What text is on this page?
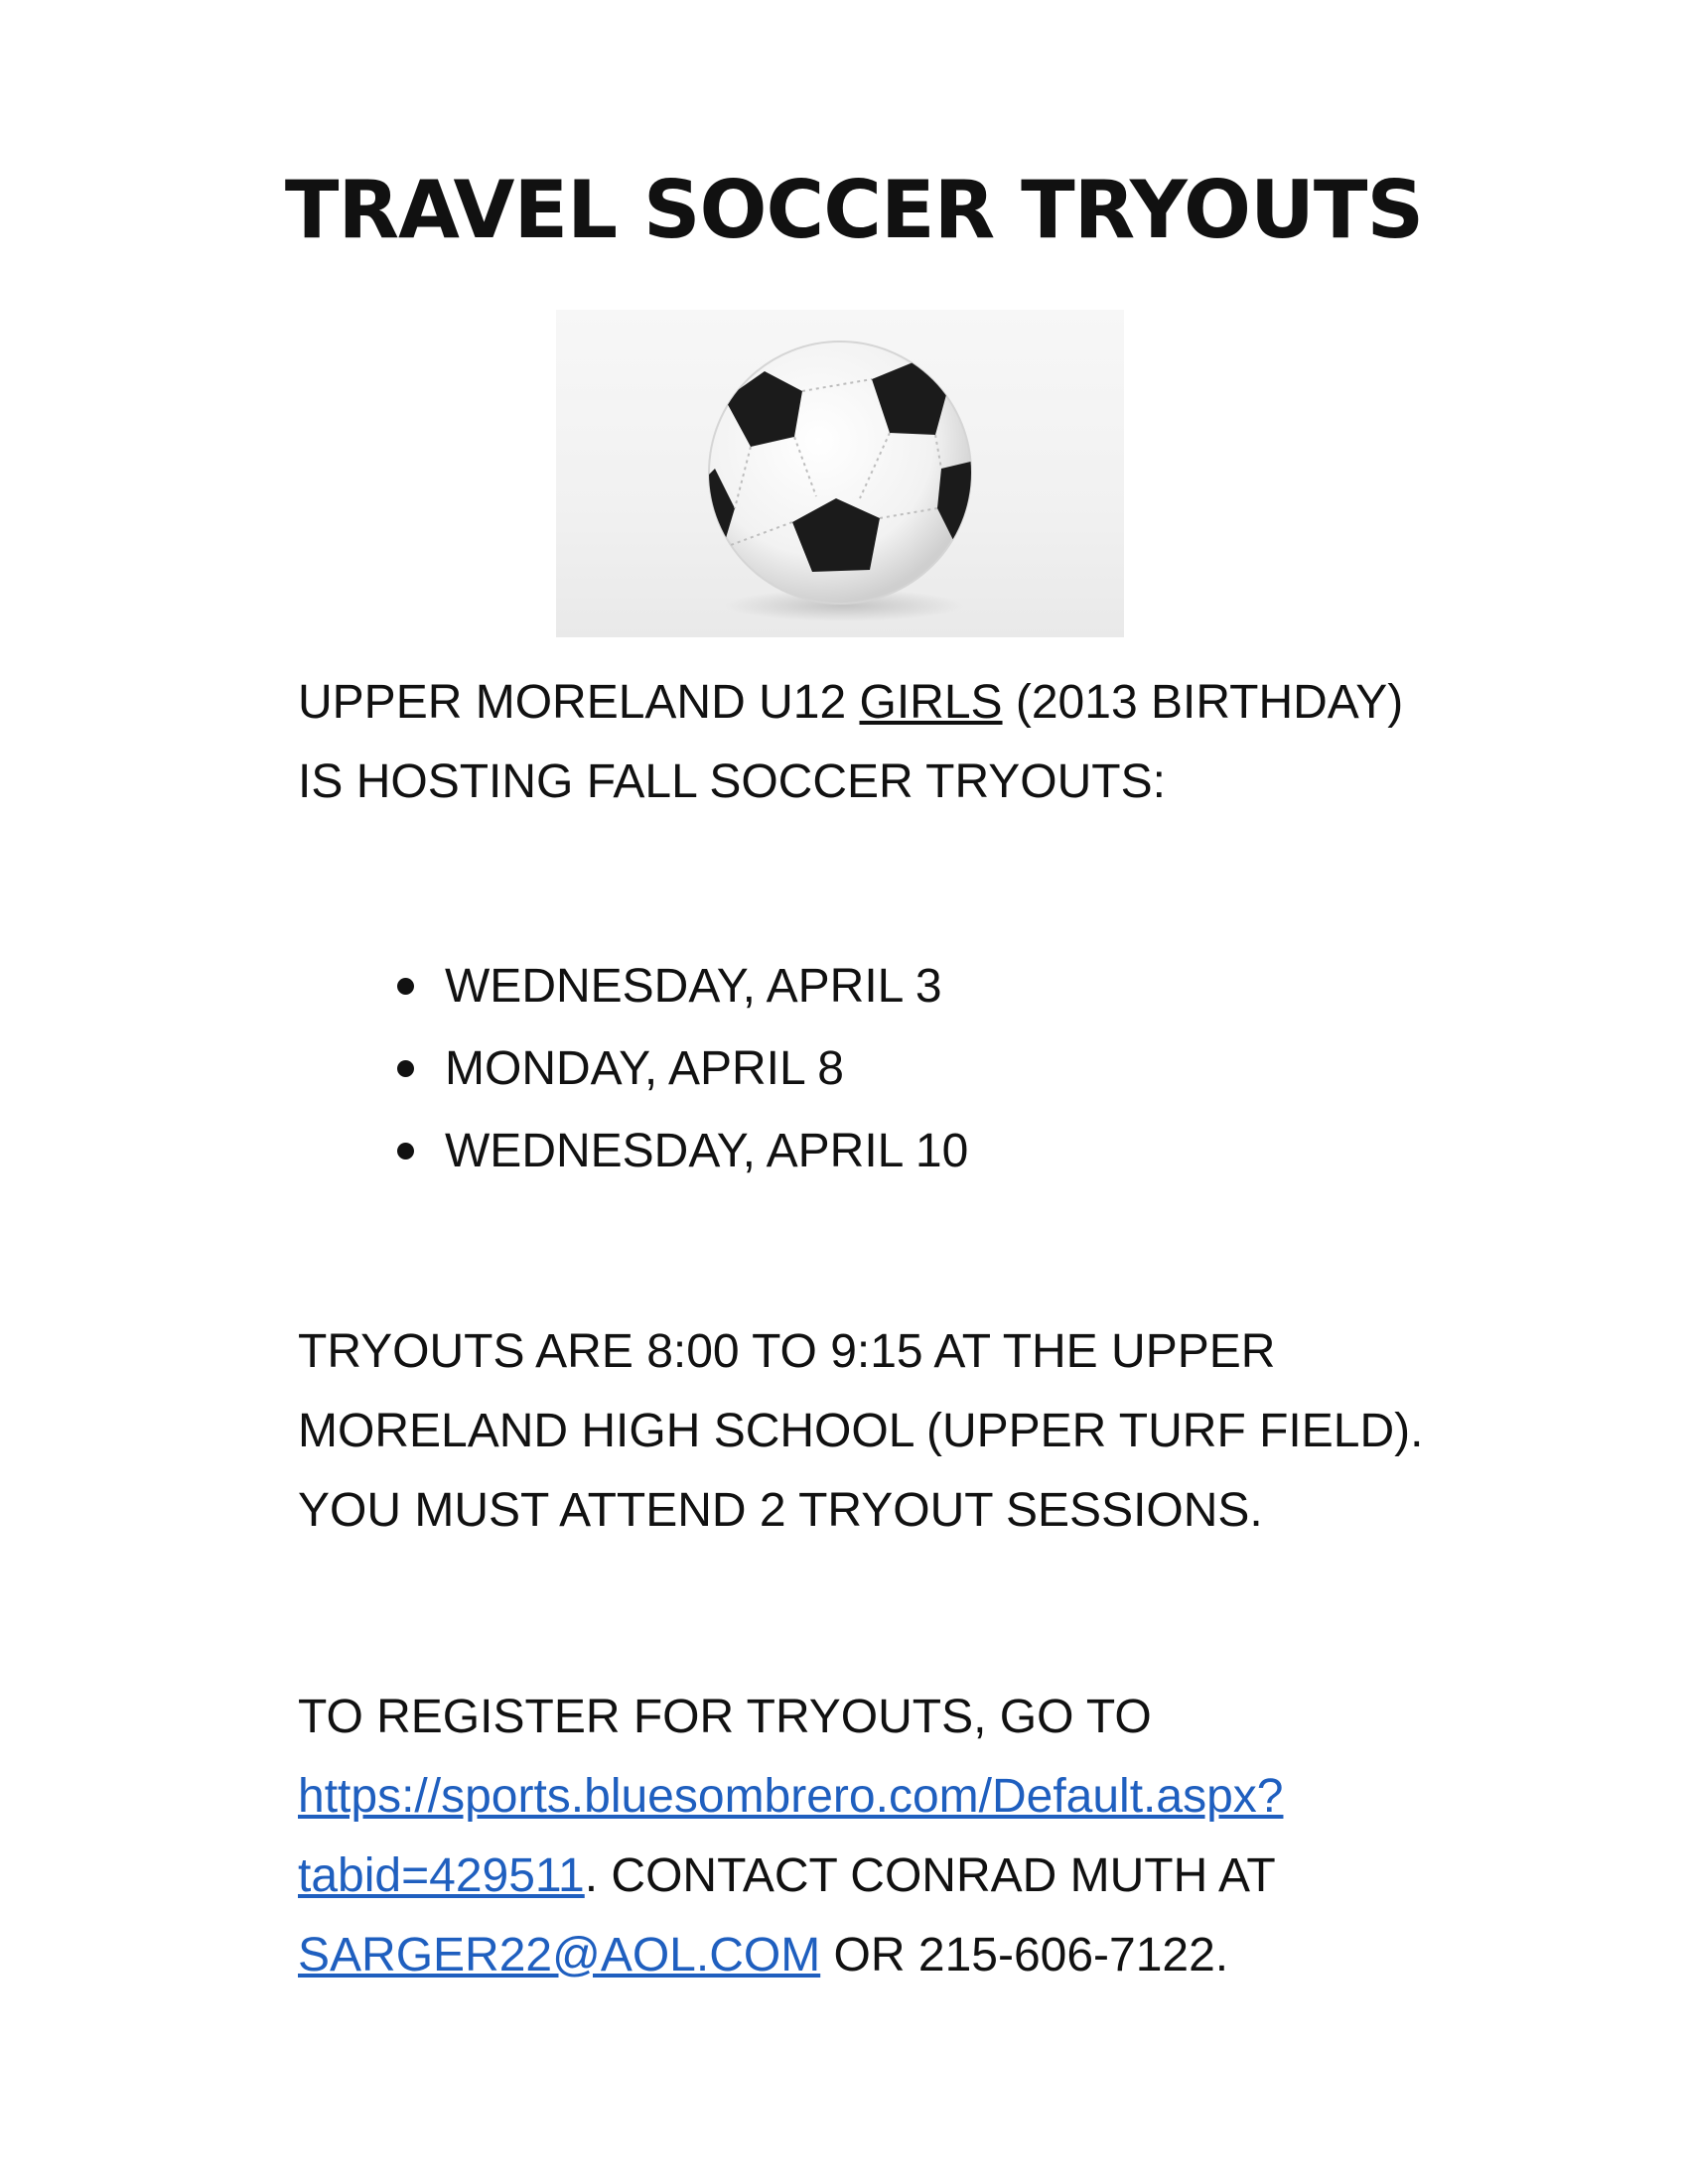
TRAVEL SOCCER TRYOUTS

UPPER MORELAND U12 GIRLS (2013 BIRTHDAY)
IS HOSTING FALL SOCCER TRYOUTS:

WEDNESDAY, APRIL 3
MONDAY, APRIL 8
WEDNESDAY, APRIL 10

TRYOUTS ARE 8:00 TO 9:15 AT THE UPPER
MORELAND HIGH SCHOOL (UPPER TURF FIELD).
YOU MUST ATTEND 2 TRYOUT SESSIONS.

TO REGISTER FOR TRYOUTS, GO TO
https://sports.bluesombrero.com/Default.aspx?
tabid=429511. CONTACT CONRAD MUTH AT
SARGER22@AOL.COM OR 215-606-7122.
